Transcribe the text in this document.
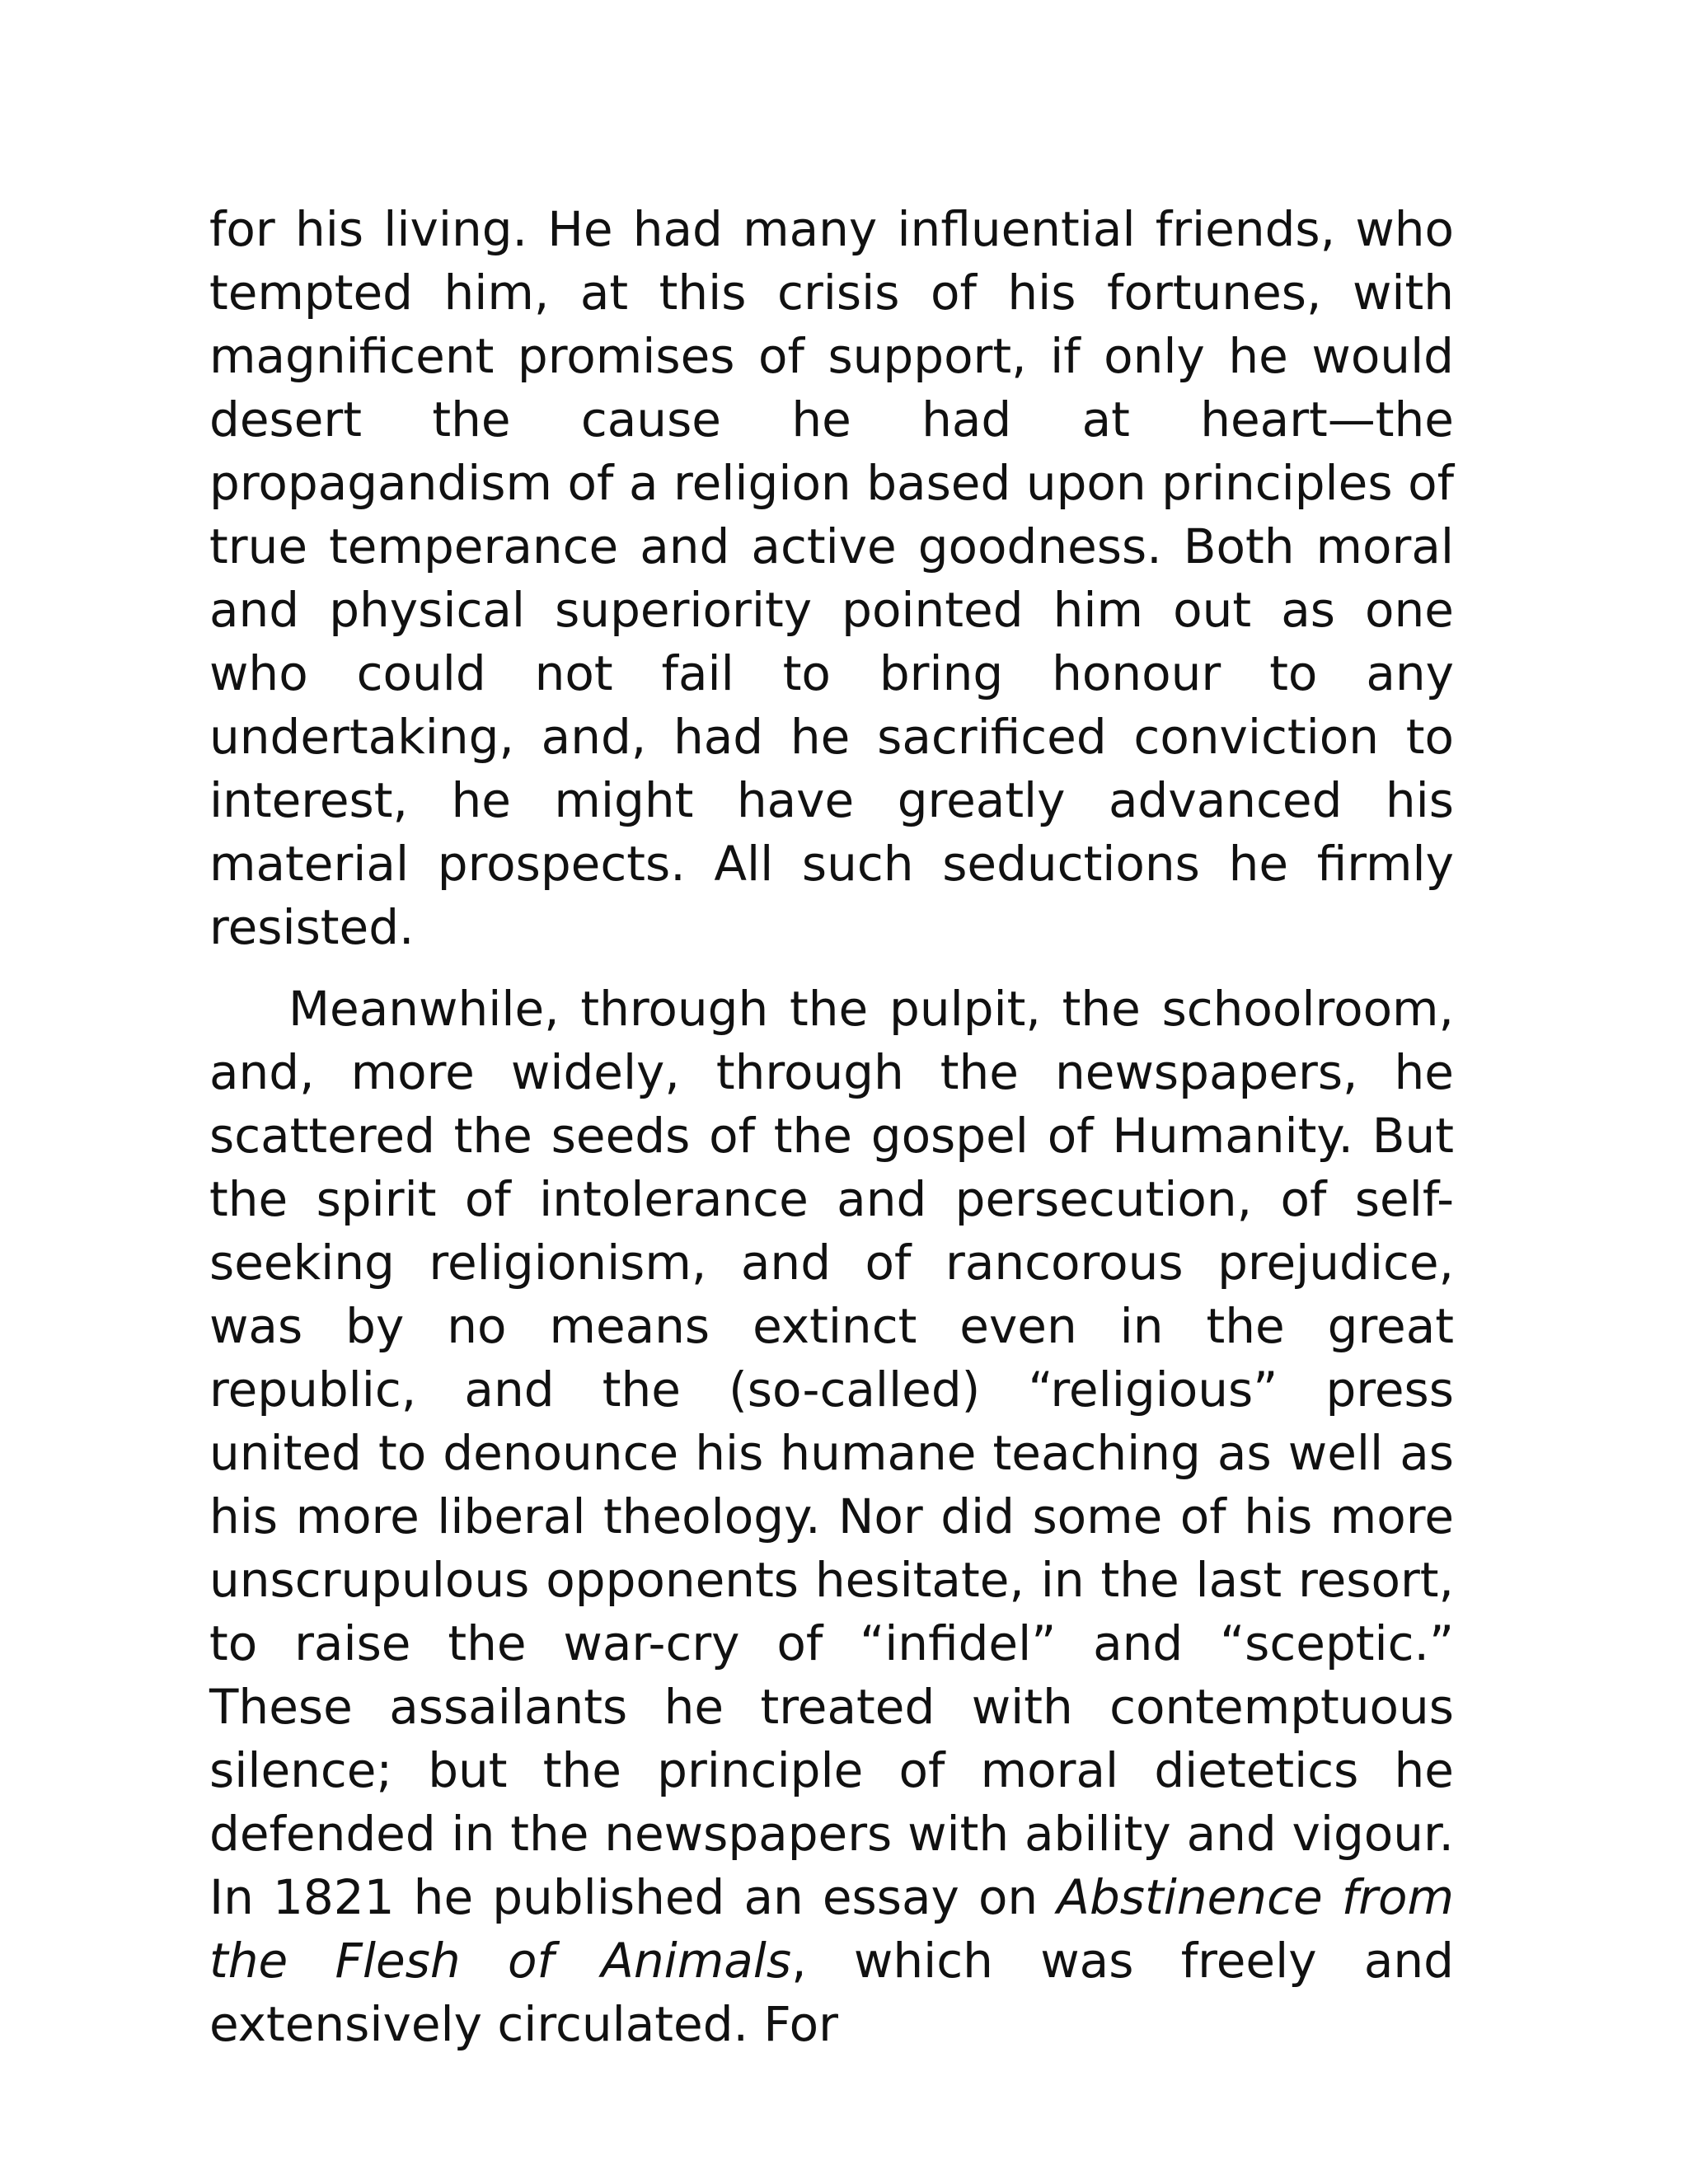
for his living. He had many influential friends, who tempted him, at this crisis of his fortunes, with magnificent promises of support, if only he would desert the cause he had at heart—the propagandism of a religion based upon principles of true temperance and active goodness. Both moral and physical superiority pointed him out as one who could not fail to bring honour to any undertaking, and, had he sacrificed conviction to interest, he might have greatly advanced his material prospects. All such seductions he firmly resisted.

Meanwhile, through the pulpit, the schoolroom, and, more widely, through the newspapers, he scattered the seeds of the gospel of Humanity. But the spirit of intolerance and persecution, of self-seeking religionism, and of rancorous prejudice, was by no means extinct even in the great republic, and the (so-called) “religious” press united to denounce his humane teaching as well as his more liberal theology. Nor did some of his more unscrupulous opponents hesitate, in the last resort, to raise the war-cry of “infidel” and “sceptic.” These assailants he treated with contemptuous silence; but the principle of moral dietetics he defended in the newspapers with ability and vigour. In 1821 he published an essay on Abstinence from the Flesh of Animals, which was freely and extensively circulated. For
